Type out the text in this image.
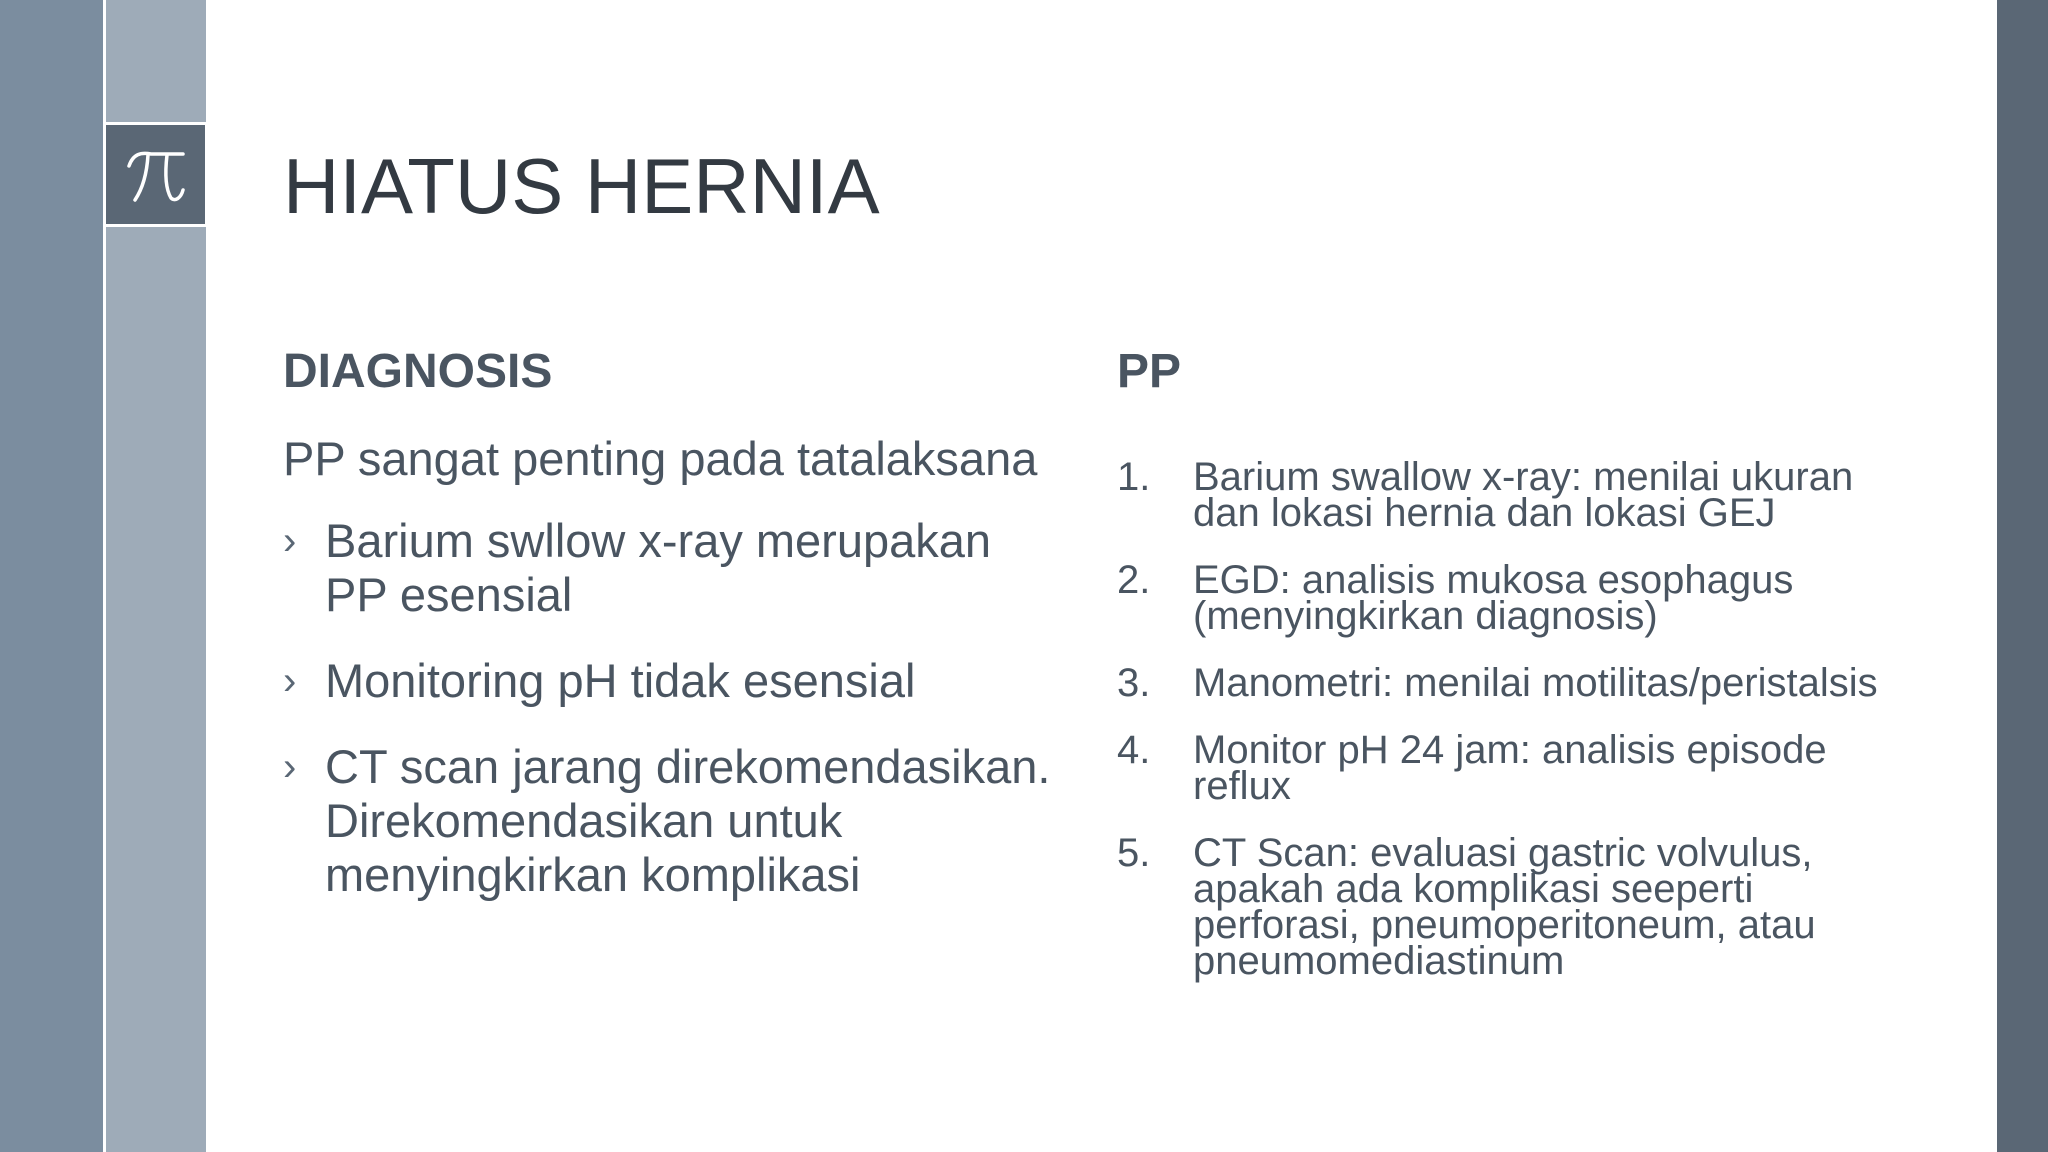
HIATUS HERNIA
DIAGNOSIS

PP sangat penting pada tatalaksana

› Barium swllow x-ray merupakan PP esensial
› Monitoring pH tidak esensial
› CT scan jarang direkomendasikan. Direkomendasikan untuk menyingkirkan komplikasi
PP
1. Barium swallow x-ray: menilai ukuran dan lokasi hernia dan lokasi GEJ
2. EGD: analisis mukosa esophagus (menyingkirkan diagnosis)
3. Manometri: menilai motilitas/peristalsis
4. Monitor pH 24 jam: analisis episode reflux
5. CT Scan: evaluasi gastric volvulus, apakah ada komplikasi seeperti perforasi, pneumoperitoneum, atau pneumomediastinum
